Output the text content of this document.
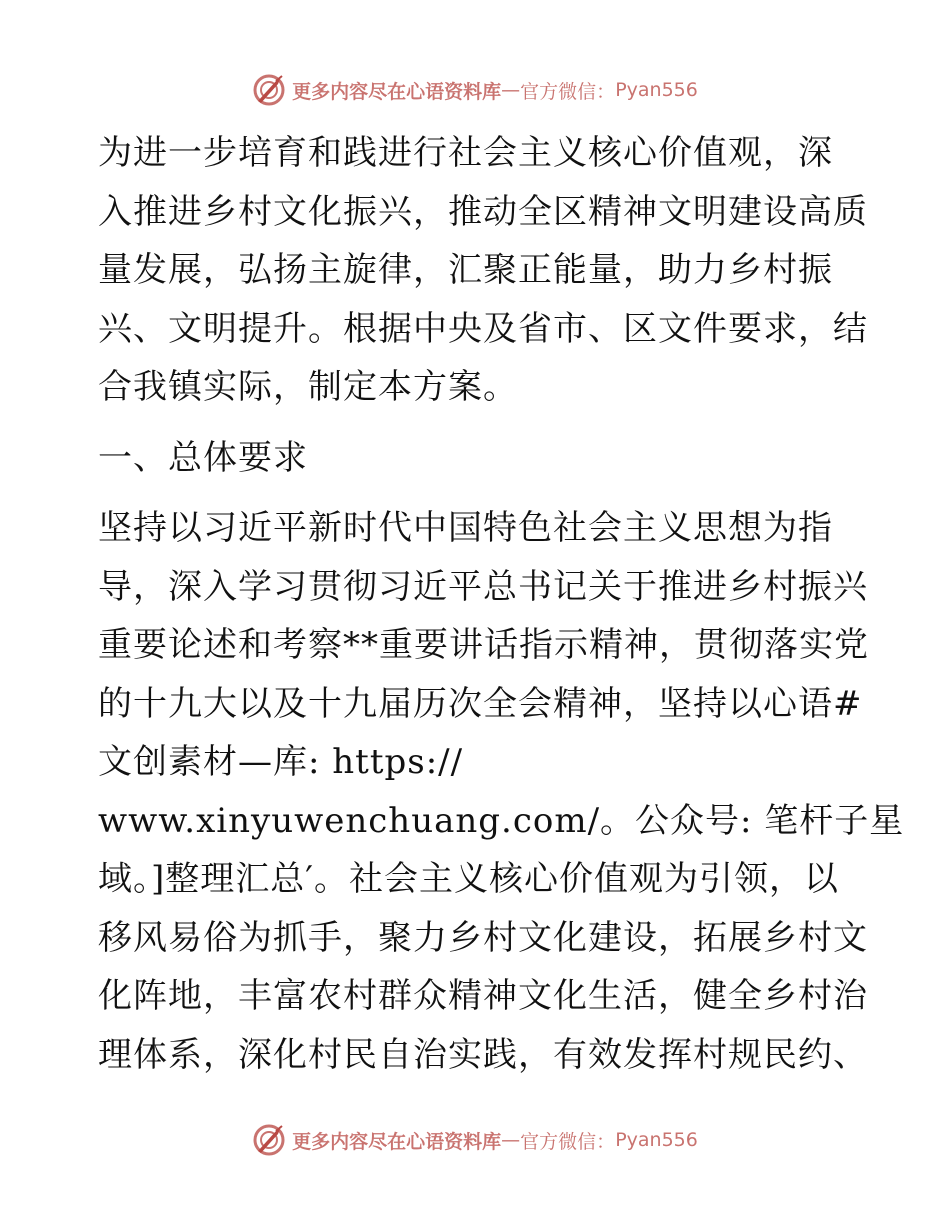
更多内容尽在心语资料库 — 官方微信： Pyan556
为进一步培育和践进行社会主义核心价值观，深
入推进乡村文化振兴，推动全区精神文明建设高质
量发展，弘扬主旋律，汇聚正能量，助力乡村振
兴、文明提升。根据中央及省市、区文件要求，结
合我镇实际，制定本方案。
一、总体要求
坚持以习近平新时代中国特色社会主义思想为指
导，深入学习贯彻习近平总书记关于推进乡村振兴
重要论述和考察**重要讲话指示精神，贯彻落实党
的十九大以及十九届历次全会精神，坚持以心语#
文创素材—库: https://
www.xinyuwenchuang.com/。公众号: 笔杆子星
域。]整理汇总′。社会主义核心价值观为引领，以
移风易俗为抓手，聚力乡村文化建设，拓展乡村文
化阵地，丰富农村群众精神文化生活，健全乡村治
理体系，深化村民自治实践，有效发挥村规民约、
更多内容尽在心语资料库 — 官方微信： Pyan556
